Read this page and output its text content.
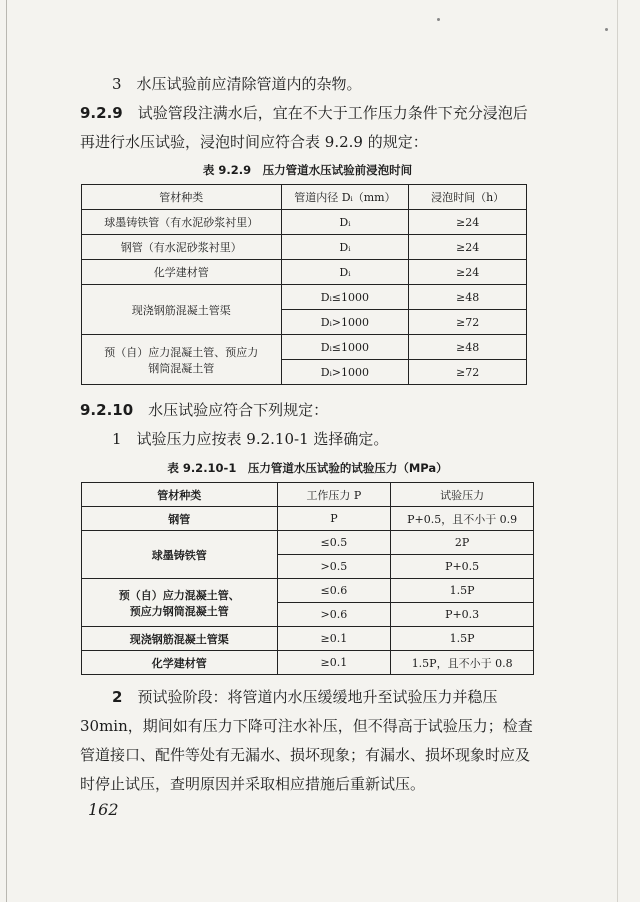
3　水压试验前应清除管道内的杂物。

9.2.9　试验管段注满水后，宜在不大于工作压力条件下充分浸泡后再进行水压试验，浸泡时间应符合表 9.2.9 的规定：

表 9.2.9　压力管道水压试验前浸泡时间
管材种类	管道内径 Dᵢ（mm）	浸泡时间（h）
球墨铸铁管（有水泥砂浆衬里）	Dᵢ	≥24
钢管（有水泥砂浆衬里）	Dᵢ	≥24
化学建材管	Dᵢ	≥24
现浇钢筋混凝土管渠	Dᵢ≤1000	≥48
	Dᵢ>1000	≥72
预（自）应力混凝土管、预应力钢筒混凝土管	Dᵢ≤1000	≥48
	Dᵢ>1000	≥72

9.2.10　水压试验应符合下列规定：

1　试验压力应按表 9.2.10-1 选择确定。

表 9.2.10-1　压力管道水压试验的试验压力（MPa）
管材种类	工作压力 P	试验压力
钢管	P	P+0.5，且不小于 0.9
球墨铸铁管	≤0.5	2P
	>0.5	P+0.5

预（自）应力混凝土管、
预应力钢筒混凝土管	≤0.6	1.5P
	>0.6	P+0.3
现浇钢筋混凝土管渠	≥0.1	1.5P
化学建材管	≥0.1	1.5P，且不小于 0.8

2　预试验阶段：将管道内水压缓缓地升至试验压力并稳压 30min，期间如有压力下降可注水补压，但不得高于试验压力；检查管道接口、配件等处有无漏水、损坏现象；有漏水、损坏现象时应及时停止试压，查明原因并采取相应措施后重新试压。

162
